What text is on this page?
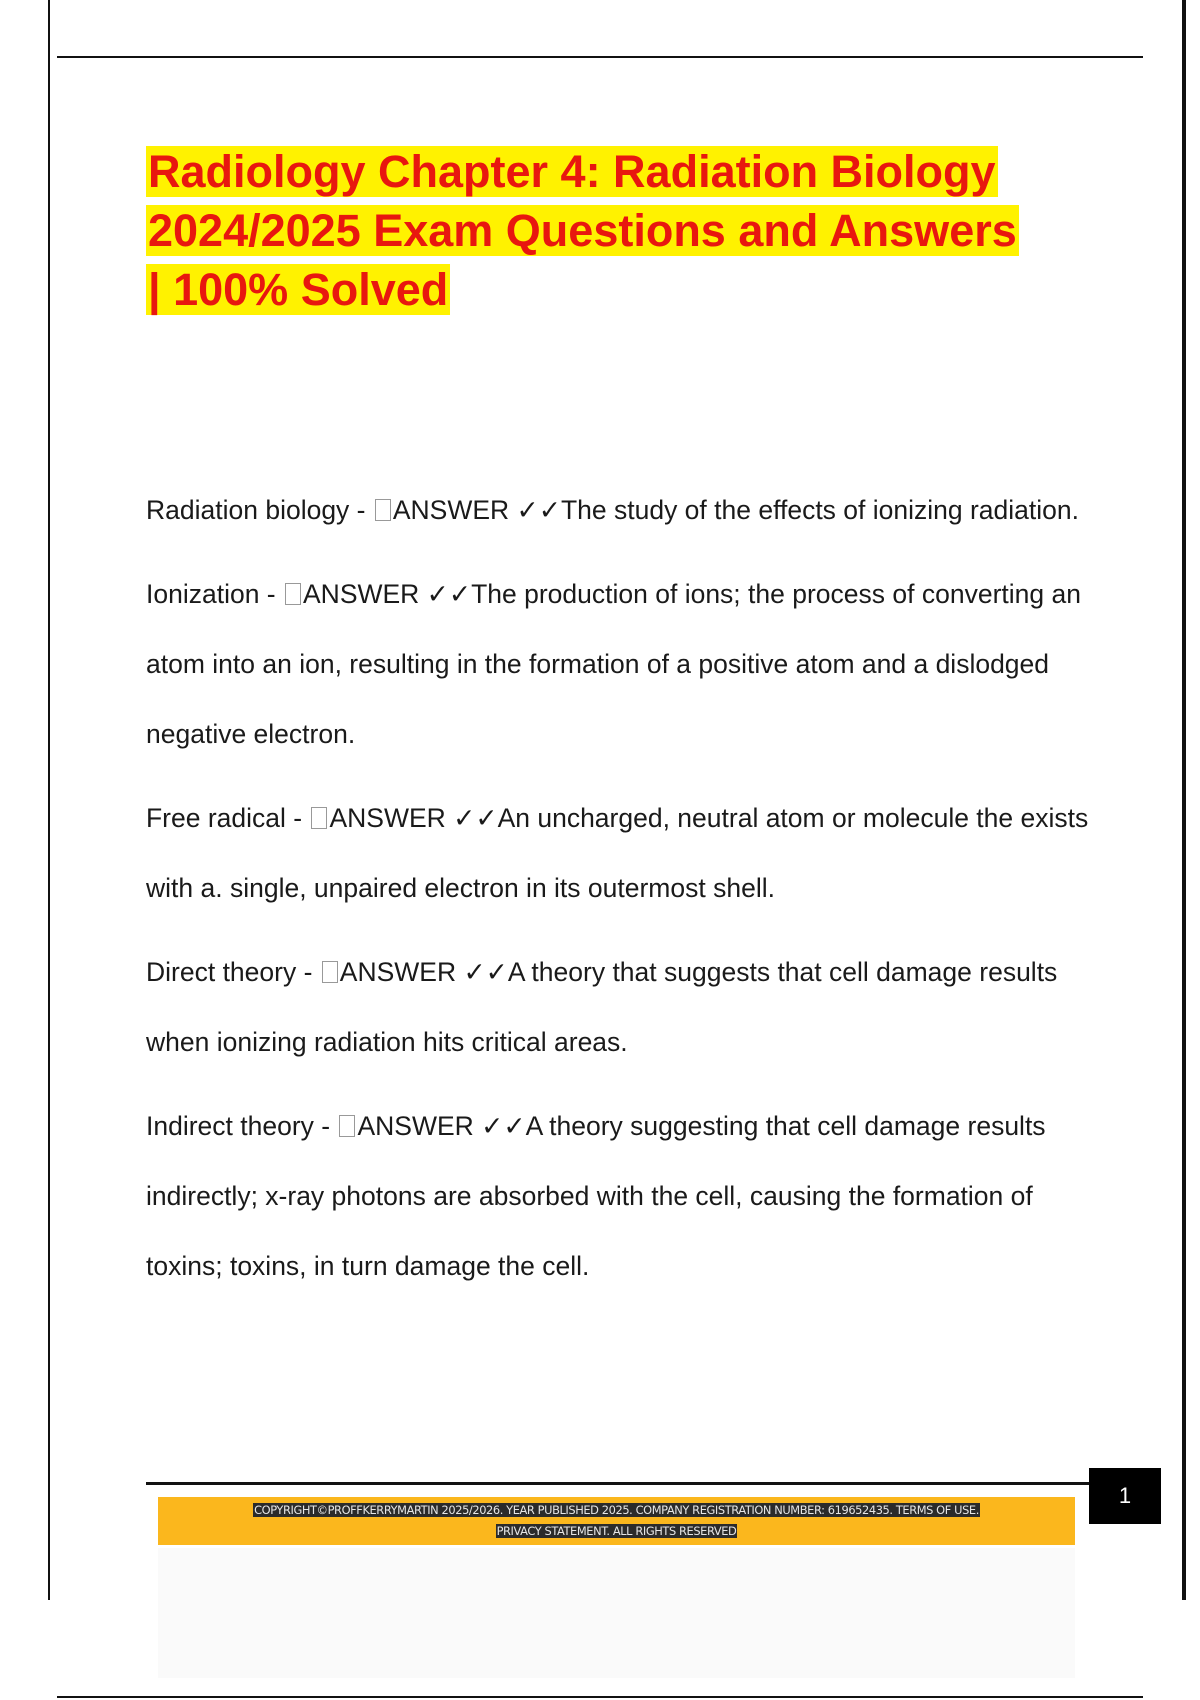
Radiology Chapter 4: Radiation Biology
2024/2025 Exam Questions and Answers
| 100% Solved

Radiation biology - ANSWER ✓✓The study of the effects of ionizing radiation.

Ionization - ANSWER ✓✓The production of ions; the process of converting an atom into an ion, resulting in the formation of a positive atom and a dislodged negative electron.

Free radical - ANSWER ✓✓An uncharged, neutral atom or molecule the exists with a. single, unpaired electron in its outermost shell.

Direct theory - ANSWER ✓✓A theory that suggests that cell damage results when ionizing radiation hits critical areas.

Indirect theory - ANSWER ✓✓A theory suggesting that cell damage results indirectly; x-ray photons are absorbed with the cell, causing the formation of toxins; toxins, in turn damage the cell.

1
COPYRIGHT©PROFFKERRYMARTIN 2025/2026. YEAR PUBLISHED 2025. COMPANY REGISTRATION NUMBER: 619652435. TERMS OF USE.
PRIVACY STATEMENT. ALL RIGHTS RESERVED
